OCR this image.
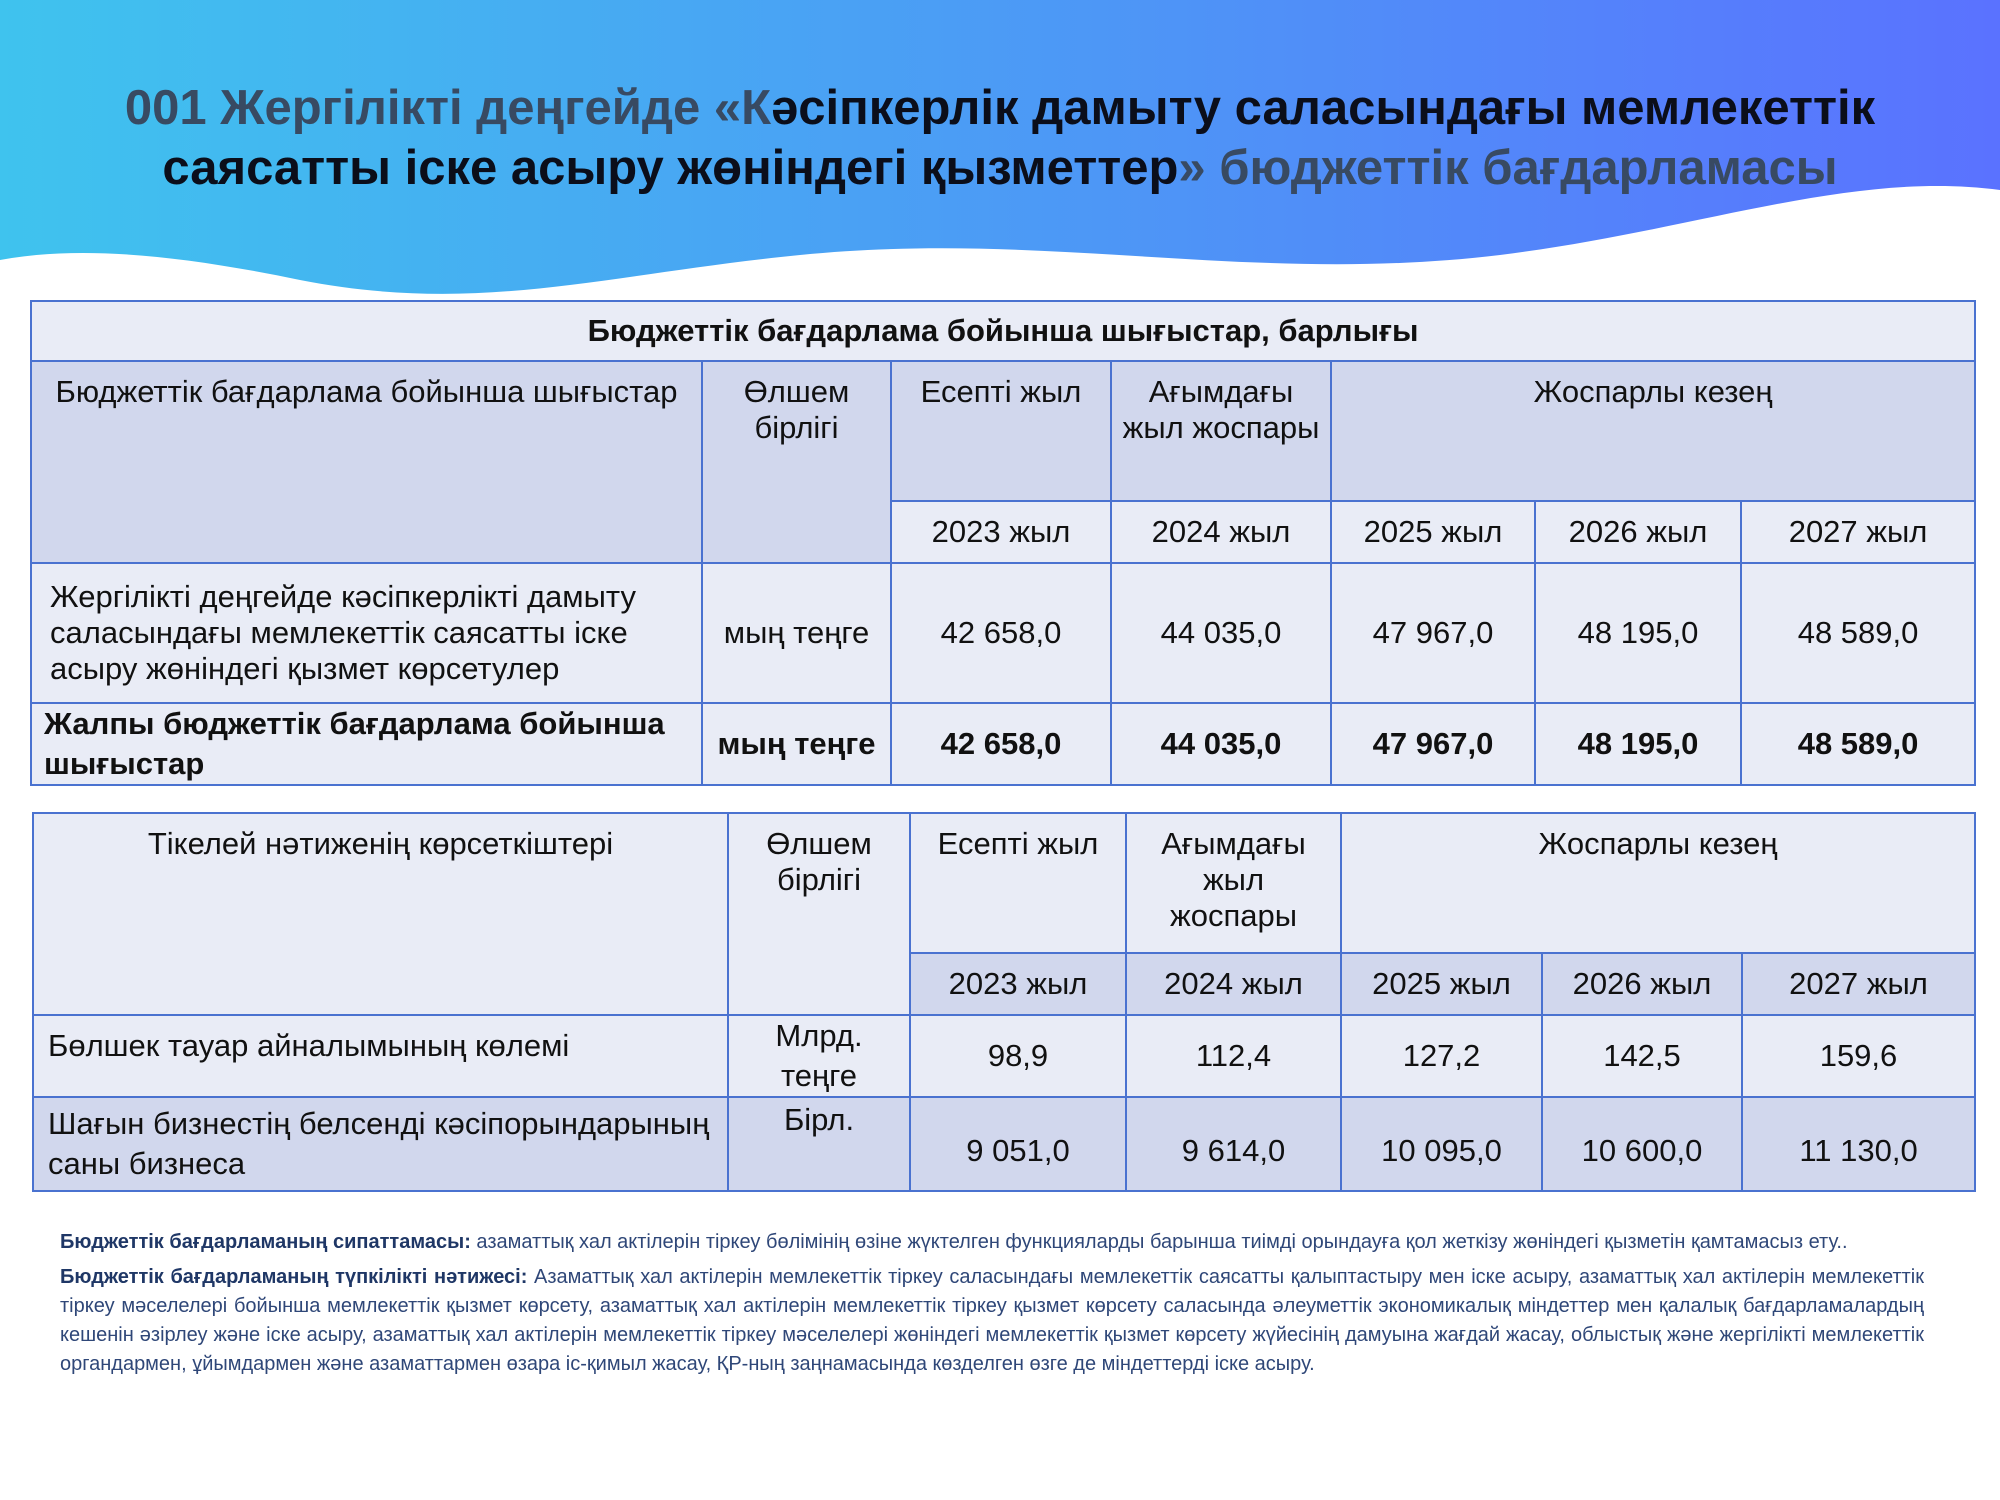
001 Жергілікті деңгейде «Кәсіпкерлік дамыту саласындағы мемлекеттік саясатты іске асыру жөніндегі қызметтер» бюджеттік бағдарламасы
Бюджеттік бағдарлама бойынша шығыстар, барлығы						
Бюджеттік бағдарлама бойынша шығыстар	Өлшем бірлігі	Есепті жыл	Ағымдағы жыл жоспары	Жоспарлы кезең		
		2023 жыл	2024 жыл	2025 жыл	2026 жыл	2027 жыл
Жергілікті деңгейде кәсіпкерлікті дамыту саласындағы мемлекеттік саясатты іске асыру жөніндегі қызмет көрсетулер	мың теңге	42 658,0	44 035,0	47 967,0	48 195,0	48 589,0
Жалпы бюджеттік бағдарлама бойынша шығыстар	мың теңге	42 658,0	44 035,0	47 967,0	48 195,0	48 589,0
Тікелей нәтиженің көрсеткіштері	Өлшем бірлігі	Есепті жыл	Ағымдағы жыл жоспары	Жоспарлы кезең		
		2023 жыл	2024 жыл	2025 жыл	2026 жыл	2027 жыл
Бөлшек тауар айналымының көлемі	Млрд. теңге	98,9	112,4	127,2	142,5	159,6
Шағын бизнестің белсенді кәсіпорындарының саны бизнеса	Бірл.	9 051,0	9 614,0	10 095,0	10 600,0	11 130,0

Бюджеттік бағдарламаның сипаттамасы: азаматтық хал актілерін тіркеу бөлімінің өзіне жүктелген функцияларды барынша тиімді орындауға қол жеткізу жөніндегі қызметін қамтамасыз ету..

Бюджеттік бағдарламаның түпкілікті нәтижесі: Азаматтық хал актілерін мемлекеттік тіркеу саласындағы мемлекеттік саясатты қалыптастыру мен іске асыру, азаматтық хал актілерін мемлекеттік тіркеу мәселелері бойынша мемлекеттік қызмет көрсету, азаматтық хал актілерін мемлекеттік тіркеу қызмет көрсету саласында әлеуметтік экономикалық міндеттер мен қалалық бағдарламалардың кешенін әзірлеу және іске асыру, азаматтық хал актілерін мемлекеттік тіркеу мәселелері жөніндегі мемлекеттік қызмет көрсету жүйесінің дамуына жағдай жасау, облыстық және жергілікті мемлекеттік органдармен, ұйымдармен және азаматтармен өзара іс-қимыл жасау, ҚР-ның заңнамасында көзделген өзге де міндеттерді іске асыру.
